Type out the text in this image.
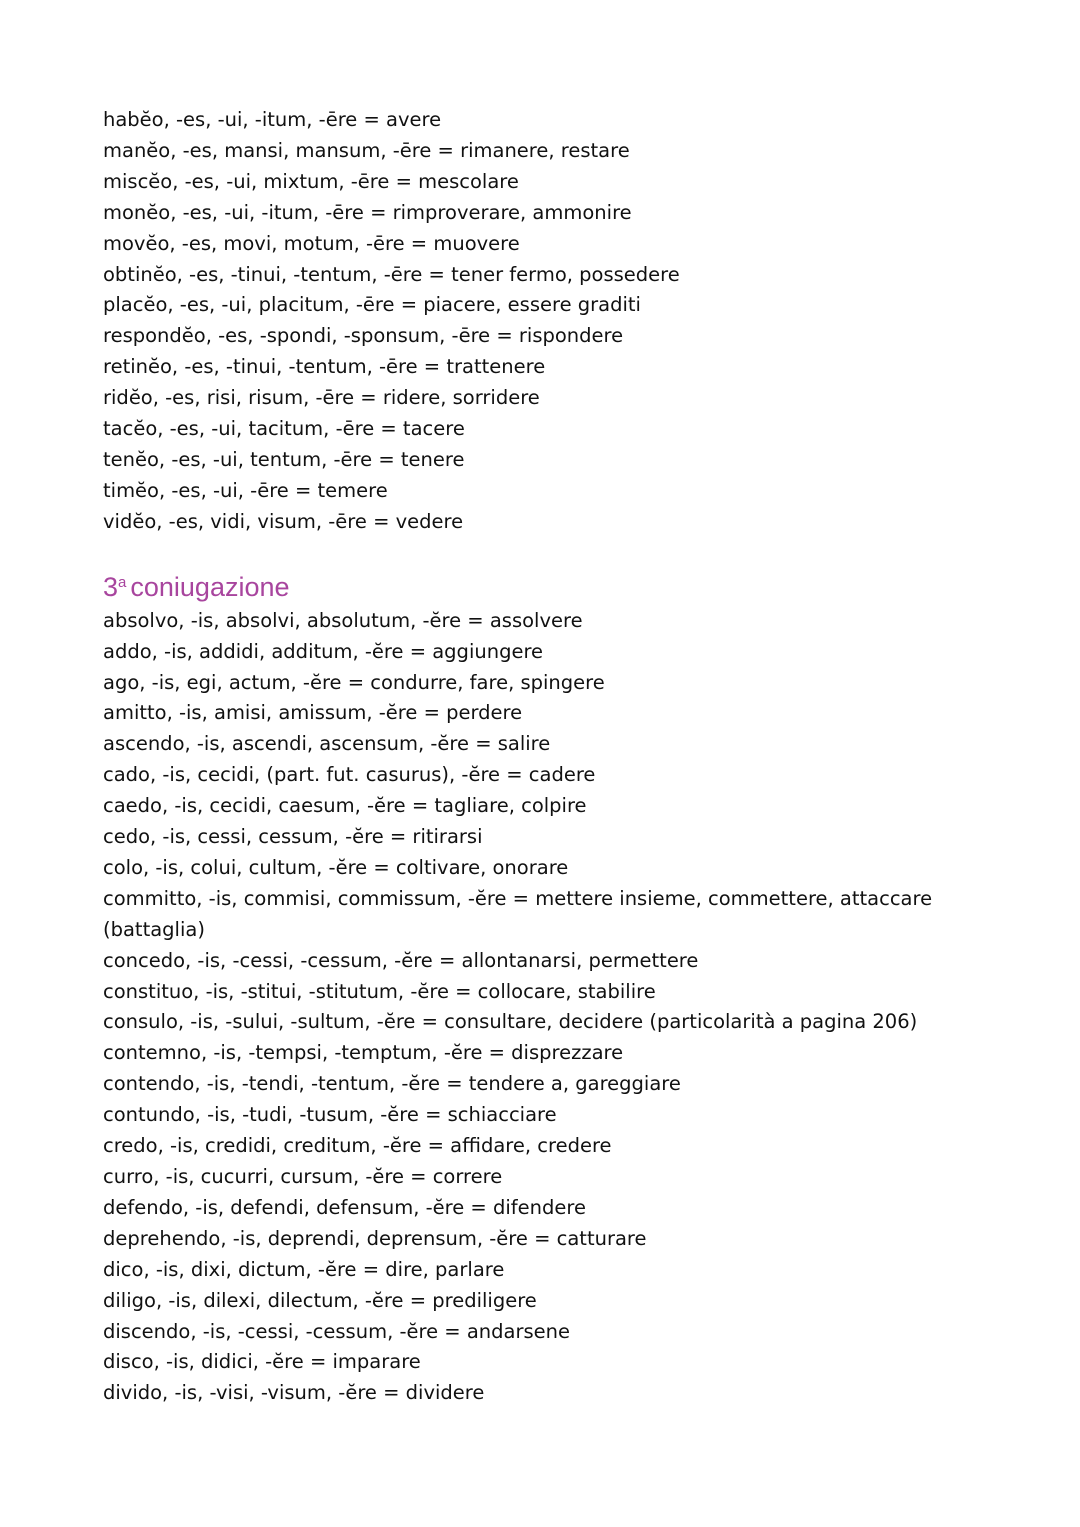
habĕo, -es, -ui, -itum, -ēre = avere
manĕo, -es, mansi, mansum, -ēre = rimanere, restare
miscĕo, -es, -ui, mixtum, -ēre = mescolare
monĕo, -es, -ui, -itum, -ēre = rimproverare, ammonire
movĕo, -es, movi, motum, -ēre = muovere
obtinĕo, -es, -tinui, -tentum, -ēre = tener fermo, possedere
placĕo, -es, -ui, placitum, -ēre = piacere, essere graditi
respondĕo, -es, -spondi, -sponsum, -ēre = rispondere
retinĕo, -es, -tinui, -tentum, -ēre = trattenere
ridĕo, -es, risi, risum, -ēre = ridere, sorridere
tacĕo, -es, -ui, tacitum, -ēre = tacere
tenĕo, -es, -ui, tentum, -ēre = tenere
timĕo, -es, -ui, -ēre = temere
vidĕo, -es, vidi, visum, -ēre = vedere
3$^a$ coniugazione
absolvo, -is, absolvi, absolutum, -ĕre = assolvere
addo, -is, addidi, additum, -ĕre = aggiungere
ago, -is, egi, actum, -ĕre = condurre, fare, spingere
amitto, -is, amisi, amissum, -ĕre = perdere
ascendo, -is, ascendi, ascensum, -ĕre = salire
cado, -is, cecidi, (part. fut. casurus), -ĕre = cadere
caedo, -is, cecidi, caesum, -ĕre = tagliare, colpire
cedo, -is, cessi, cessum, -ĕre = ritirarsi
colo, -is, colui, cultum, -ĕre = coltivare, onorare
committo, -is, commisi, commissum, -ĕre = mettere insieme, commettere, attaccare (battaglia)
concedo, -is, -cessi, -cessum, -ĕre = allontanarsi, permettere
constituo, -is, -stitui, -stitutum, -ĕre = collocare, stabilire
consulo, -is, -sului, -sultum, -ĕre = consultare, decidere (particolarità a pagina 206)
contemno, -is, -tempsi, -temptum, -ĕre = disprezzare
contendo, -is, -tendi, -tentum, -ĕre = tendere a, gareggiare
contundo, -is, -tudi, -tusum, -ĕre = schiacciare
credo, -is, credidi, creditum, -ĕre = affidare, credere
curro, -is, cucurri, cursum, -ĕre = correre
defendo, -is, defendi, defensum, -ĕre = difendere
deprehendo, -is, deprendi, deprensum, -ĕre = catturare
dico, -is, dixi, dictum, -ĕre = dire, parlare
diligo, -is, dilexi, dilectum, -ĕre = prediligere
discendo, -is, -cessi, -cessum, -ĕre = andarsene
disco, -is, didici, -ĕre = imparare
divido, -is, -visi, -visum, -ĕre = dividere
